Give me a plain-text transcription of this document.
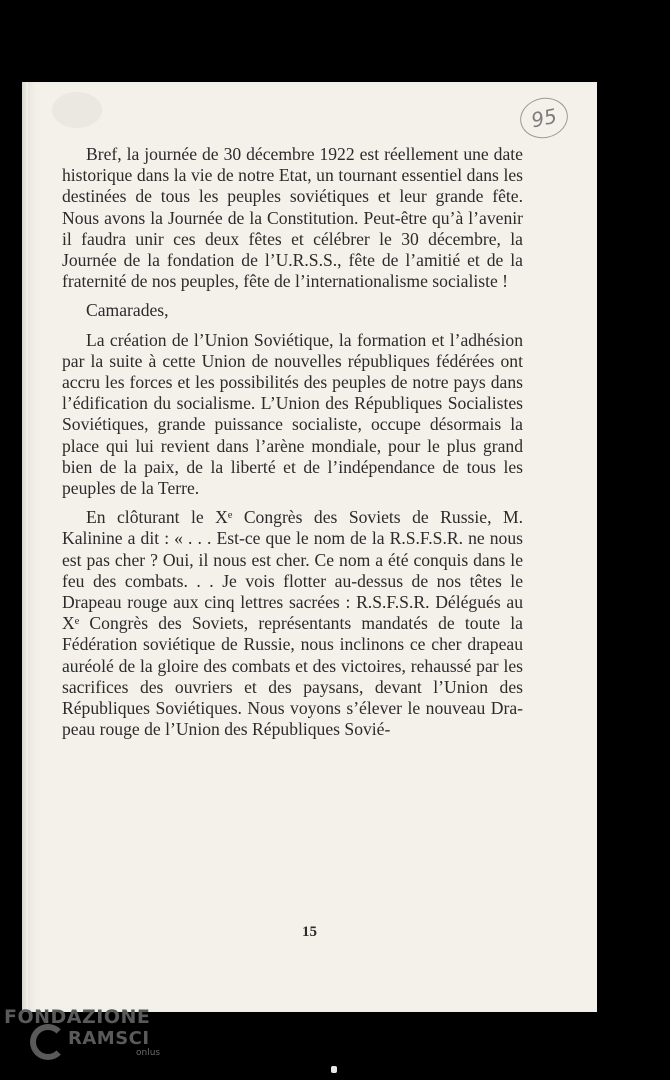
95

Bref, la journée de 30 décembre 1922 est réellement une date historique dans la vie de notre Etat, un tournant essentiel dans les destinées de tous les peuples soviétiques et leur grande fête. Nous avons la Journée de la Constitution. Peut-être qu’à l’avenir il faudra unir ces deux fêtes et célébrer le 30 décembre, la Journée de la fondation de l’U.R.S.S., fête de l’amitié et de la fraternité de nos peuples, fête de l’internationalisme socialiste !

Camarades,

La création de l’Union Soviétique, la formation et l’adhésion par la suite à cette Union de nouvelles républiques fédérées ont accru les forces et les possibilités des peuples de notre pays dans l’édification du socialisme. L’Union des Républiques Socialistes Soviétiques, grande puissance socialiste, occupe désormais la place qui lui revient dans l’arène mondiale, pour le plus grand bien de la paix, de la liberté et de l’indépendance de tous les peuples de la Terre.

En clôturant le Xᵉ Congrès des Soviets de Russie, M. Kalinine a dit : « . . . Est-ce que le nom de la R.S.F.S.R. ne nous est pas cher ? Oui, il nous est cher. Ce nom a été conquis dans le feu des combats. . . Je vois flotter au-dessus de nos têtes le Drapeau rouge aux cinq lettres sacrées : R.S.F.S.R. Délégués au Xᵉ Congrès des Soviets, représentants mandatés de toute la Fédération soviétique de Russie, nous inclinons ce cher drapeau auréolé de la gloire des combats et des victoires, rehaussé par les sacrifices des ouvriers et des paysans, devant l’Union des Républiques Soviétiques. Nous voyons s’élever le nouveau Drapeau rouge de l’Union des Républiques Sovié-

15
FONDAZIONE
RAMSCI
onlus
